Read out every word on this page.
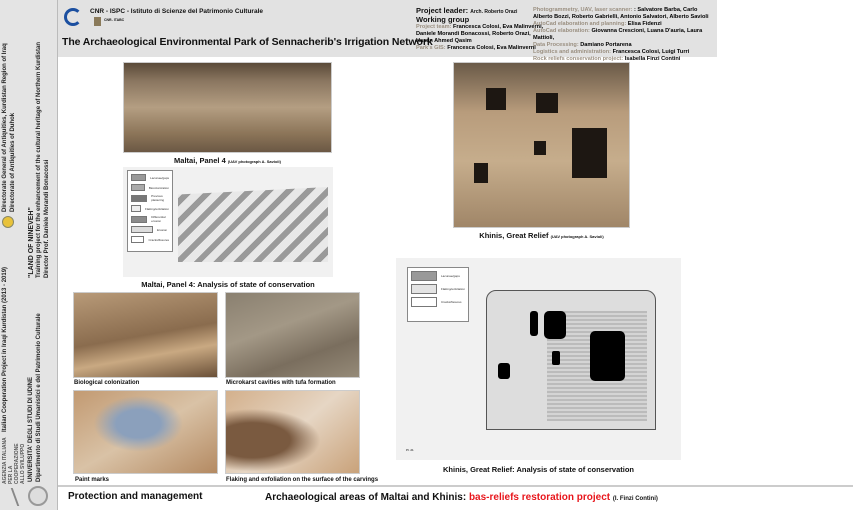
AGENZIA ITALIANA PER LA COOPERAZIONE ALLO SVILUPPO
Italian Cooperation Project in Iraqi Kurdistan (2013 - 2019)
Directorate General of Antiquities, Kurdistan Region of Iraq Directorate of Antiquities of Duhok
UNIVERSITA' DEGLI STUDI DI UDINE Dipartimento di Studi Umanistici e del Patrimonio Culturale
"LAND OF NINEVEH" Training project for the enhancement of the cultural heritage of Northern Kurdistan Director Prof. Daniele Morandi Bonacossi
CNR - ISPC - Istituto di Scienze del Patrimonio Culturale
CNR- ITABC
The Archaeological Environmental Park of Sennacherib's Irrigation Network
Project leader: Arch. Roberto Orazi
Working group
Project team: Francesca Colosi, Eva Malinverni, Daniele Morandi Bonacossi, Roberto Orazi, Hasan Ahmed Qasim
Park's GIS: Francesca Colosi, Eva Malinverni
Photogrammetry, UAV, laser scanner: : Salvatore Barba, Carlo Alberto Bozzi, Roberto Gabrielli, Antonio Salvatori, Alberto Savioli
AutoCad elaboration and planning: Elisa Fidenzi
AutoCad elaboration: Giovanna Crescioni, Luana D'auria, Laura Mattioli,
Data Processing: Damiano Portarena
Logistics and administration: Francesca Colosi, Luigi Turri
Rock reliefs conservation project: Isabella Finzi Contini
Maltai, Panel 4 (UAV photograph A. Savioli)
Lacunae/gaps
Biocolonization
Previous plastering
Flaking/exfoliation
Differential erosion
Erosion
Cracks/fissures
Maltai, Panel 4: Analysis of state of conservation
Biological colonization	Microkarst cavities with tufa formation
Paint marks	Flaking and exfoliation on the surface of the carvings
Khinis, Great Relief (UAV photograph A. Savioli)
Lacunae/gaps
Flaking/exfoliation
Cracks/fissures
Pl. 21
Khinis, Great Relief: Analysis of state of conservation
Protection and management	Archaeological areas of Maltai and Khinis: bas-reliefs restoration project (I. Finzi Contini)
